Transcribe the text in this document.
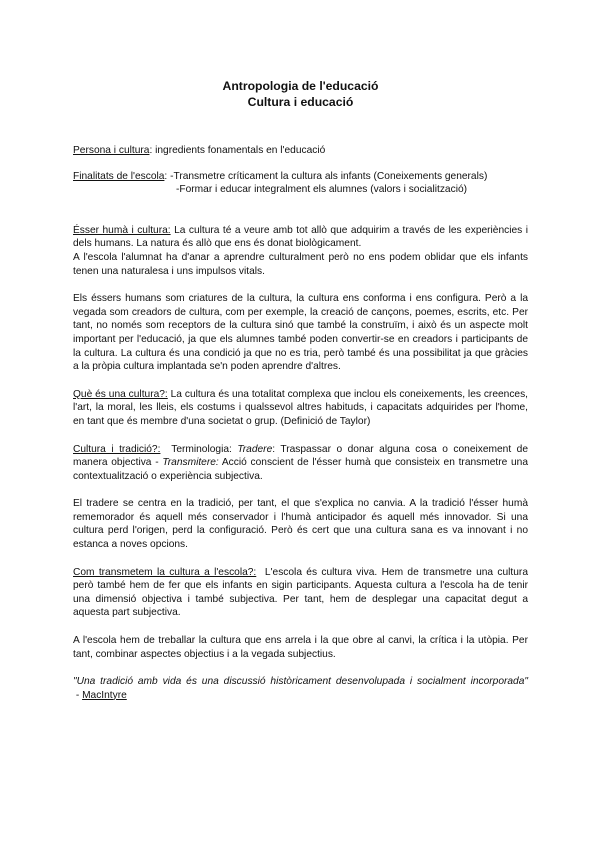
Antropologia de l'educació

Cultura i educació

Persona i cultura: ingredients fonamentals en l'educació

Finalitats de l'escola : -Transmetre críticament la cultura als infants (Coneixements generals)
-Formar i educar integralment els alumnes (valors i socialització)

Ésser humà i cultura: La cultura té a veure amb tot allò que adquirim a través de les experiències i dels humans. La natura és allò que ens és donat biològicament.

A l'escola l'alumnat ha d'anar a aprendre culturalment però no ens podem oblidar que els infants tenen una naturalesa i uns impulsos vitals.

Els éssers humans som criatures de la cultura, la cultura ens conforma i ens configura. Però a la vegada som creadors de cultura, com per exemple, la creació de cançons, poemes, escrits, etc. Per tant, no només som receptors de la cultura sinó que també la construïm, i això és un aspecte molt important per l'educació, ja que els alumnes també poden convertir-se en creadors i participants de la cultura. La cultura és una condició ja que no es tria, però també és una possibilitat ja que gràcies a la pròpia cultura implantada se'n poden aprendre d'altres.

Què és una cultura?: La cultura és una totalitat complexa que inclou els coneixements, les creences, l'art, la moral, les lleis, els costums i qualssevol altres habituds, i capacitats adquirides per l'home, en tant que és membre d'una societat o grup. (Definició de Taylor)

Cultura i tradició?:  Terminologia: Tradere: Traspassar o donar alguna cosa o coneixement de manera objectiva - Transmitere: Acció conscient de l'ésser humà que consisteix en transmetre una contextualització o experiència subjectiva.

El tradere se centra en la tradició, per tant, el que s'explica no canvia. A la tradició l'ésser humà rememorador és aquell més conservador i l'humà anticipador és aquell més innovador. Si una cultura perd l'origen, perd la configuració. Però és cert que una cultura sana es va innovant i no estanca a noves opcions.

Com transmetem la cultura a l'escola?:  L'escola és cultura viva. Hem de transmetre una cultura però també hem de fer que els infants en sigin participants. Aquesta cultura a l'escola ha de tenir una dimensió objectiva i també subjectiva. Per tant, hem de desplegar una capacitat degut a aquesta part subjectiva.

A l'escola hem de treballar la cultura que ens arrela i la que obre al canvi, la crítica i la utòpia. Per tant, combinar aspectes objectius i a la vegada subjectius.

"Una tradició amb vida és una discussió històricament desenvolupada i socialment incorporada" - MacIntyre
